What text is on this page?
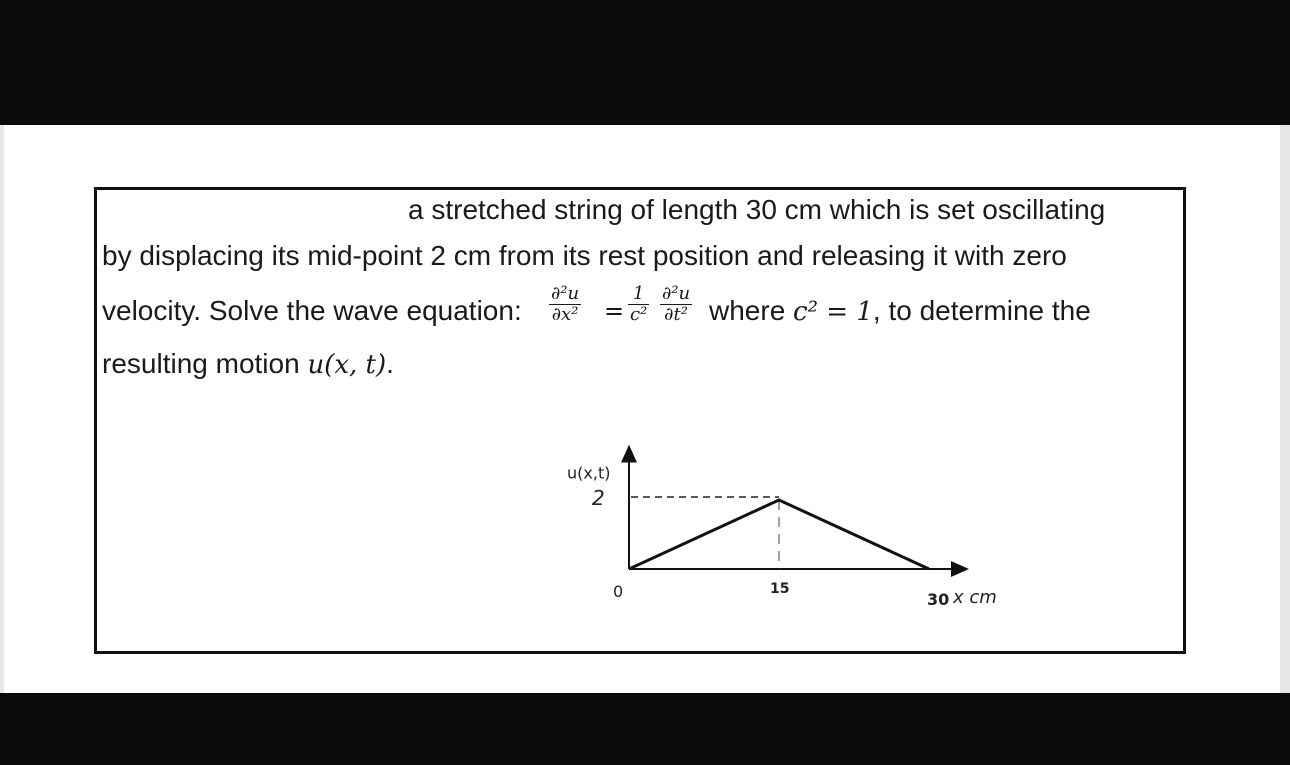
a stretched string of length 30 cm which is set oscillating
by displacing its mid-point 2 cm from its rest position and releasing it with zero
velocity. Solve the wave equation: $\frac{\text{∂²u}}{\text{∂x²}} = \frac{1}{\text{c²}} \frac{\text{∂²u}}{\text{∂t²}}$ where c² = 1, to determine the
resulting motion u(x, t).
u(x,t)
2
0	15
30 x cm
